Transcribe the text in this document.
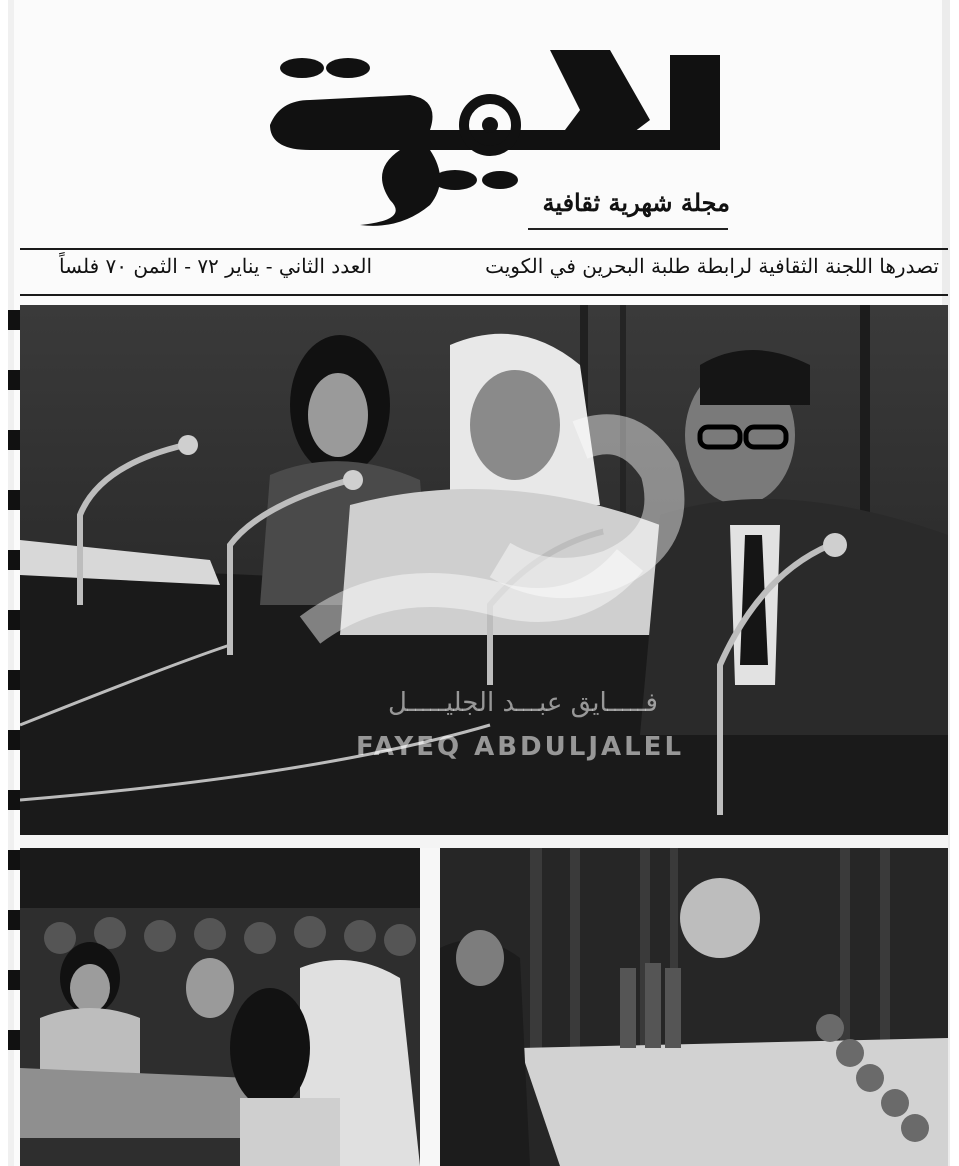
مجلة شهرية ثقافية
تصدرها اللجنة الثقافية لرابطة طلبة البحرين في الكويت
العدد الثاني - يناير ٧٢ - الثمن ٧٠ فلساً
فـــــايق عبـــد الجليـــــل
FAYEQ ABDULJALEL
